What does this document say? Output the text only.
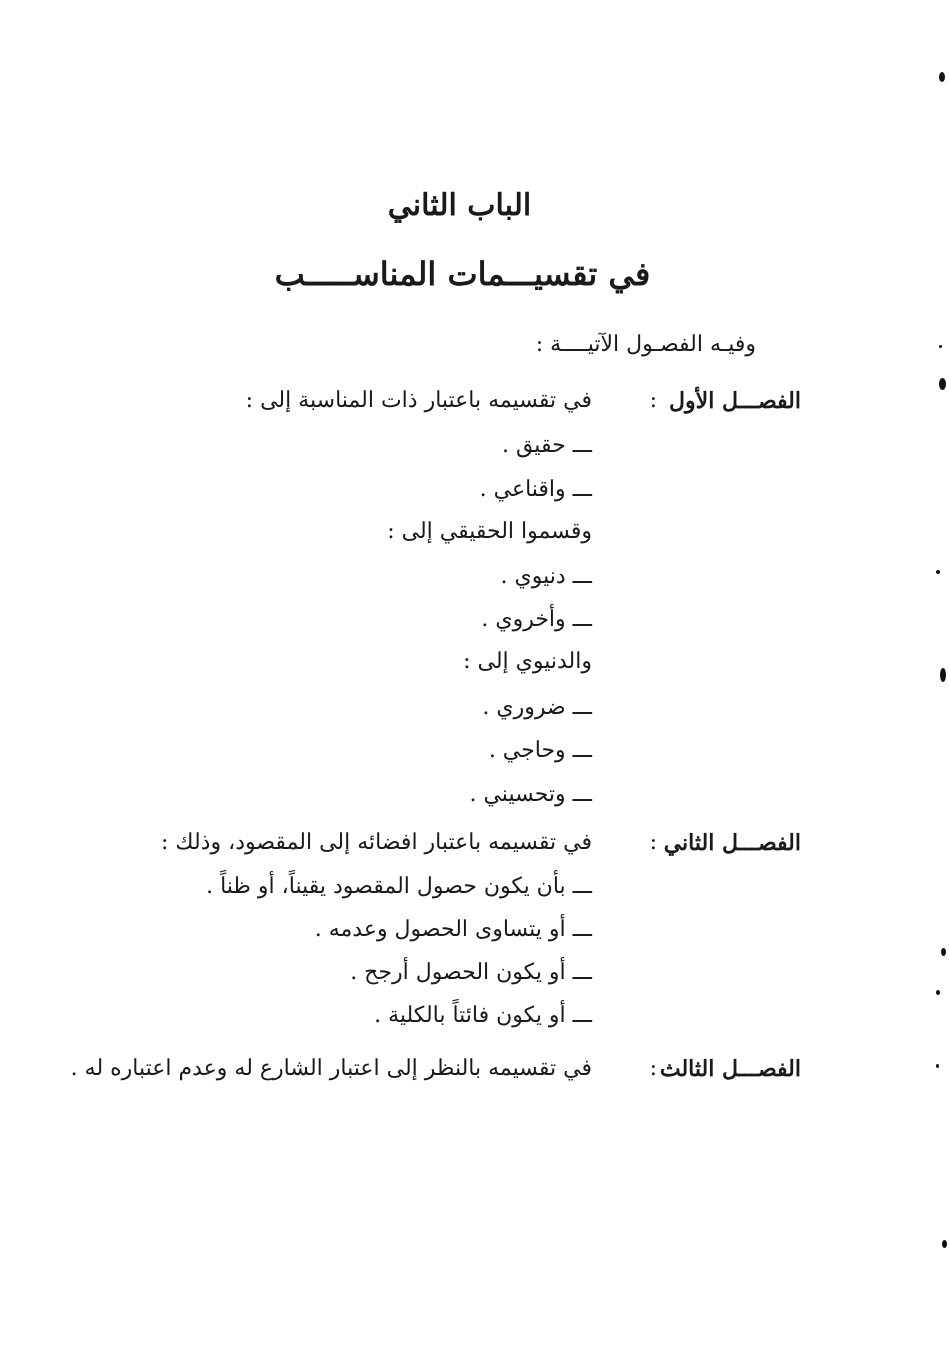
الباب الثاني
في تقسيـــمات المناســـــب
وفيـه الفصـول الآتيــــة :
الفصـــل الأول
:
في تقسيمه باعتبار ذات المناسبة إلى :
ـــ حقيق .
ـــ واقناعي .
وقسموا الحقيقي إلى :
ـــ دنيوي .
ـــ وأخروي .
والدنيوي إلى :
ـــ ضروري .
ـــ وحاجي .
ـــ وتحسيني .
الفصـــل الثاني
:
في تقسيمه باعتبار افضائه إلى المقصود، وذلك :
ـــ بأن يكون حصول المقصود يقيناً، أو ظناً .
ـــ أو يتساوى الحصول وعدمه .
ـــ أو يكون الحصول أرجح .
ـــ أو يكون فائتاً بالكلية .
الفصـــل الثالث
:
في تقسيمه بالنظر إلى اعتبار الشارع له وعدم اعتباره له .
